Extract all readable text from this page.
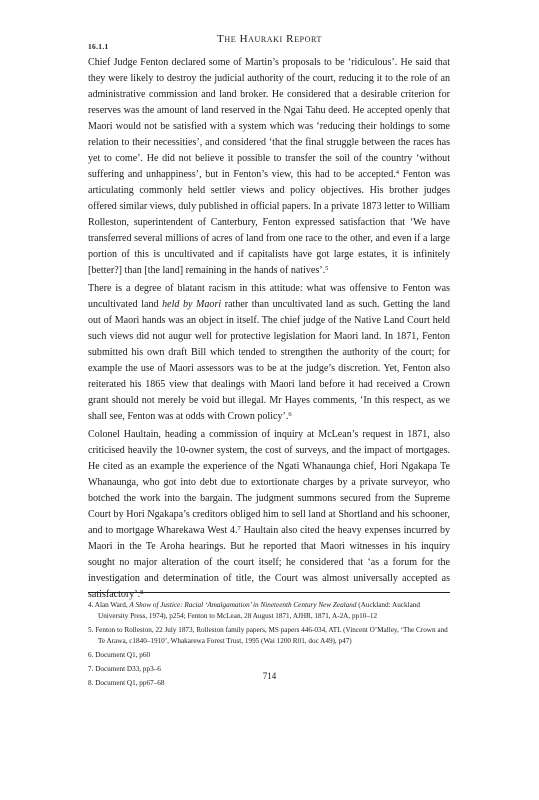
The Hauraki Report
16.1.1

Chief Judge Fenton declared some of Martin’s proposals to be ‘ridiculous’. He said that they were likely to destroy the judicial authority of the court, reducing it to the role of an administrative commission and land broker. He considered that a desirable criterion for reserves was the amount of land reserved in the Ngai Tahu deed. He accepted openly that Maori would not be satisfied with a system which was ‘reducing their holdings to some relation to their necessities’, and considered ‘that the final struggle between the races has yet to come’. He did not believe it possible to transfer the soil of the country ‘without suffering and unhappiness’, but in Fenton’s view, this had to be accepted.$^4$ Fenton was articulating commonly held settler views and policy objectives. His brother judges offered similar views, duly published in official papers. In a private 1873 letter to William Rolleston, superintendent of Canterbury, Fenton expressed satisfaction that ‘We have transferred several millions of acres of land from one race to the other, and even if a large portion of this is uncultivated and if capitalists have got large estates, it is infinitely [better?] than [the land] remaining in the hands of natives’.$^5$

There is a degree of blatant racism in this attitude: what was offensive to Fenton was uncultivated land held by Maori rather than uncultivated land as such. Getting the land out of Maori hands was an object in itself. The chief judge of the Native Land Court held such views did not augur well for protective legislation for Maori land. In 1871, Fenton submitted his own draft Bill which tended to strengthen the authority of the court; for example the use of Maori assessors was to be at the judge’s discretion. Yet, Fenton also reiterated his 1865 view that dealings with Maori land before it had received a Crown grant should not merely be void but illegal. Mr Hayes comments, ‘In this respect, as we shall see, Fenton was at odds with Crown policy’.$^6$

Colonel Haultain, heading a commission of inquiry at McLean’s request in 1871, also criticised heavily the 10-owner system, the cost of surveys, and the impact of mortgages. He cited as an example the experience of the Ngati Whanaunga chief, Hori Ngakapa Te Whanaunga, who got into debt due to extortionate charges by a private surveyor, who botched the work into the bargain. The judgment summons secured from the Supreme Court by Hori Ngakapa’s creditors obliged him to sell land at Shortland and his schooner, and to mortgage Wharekawa West 4.$^7$ Haultain also cited the heavy expenses incurred by Maori in the Te Aroha hearings. But he reported that Maori witnesses in his inquiry sought no major alteration of the court itself; he considered that ‘as a forum for the investigation and determination of title, the Court was almost universally accepted as satisfactory’.$^8$

4. Alan Ward, A Show of Justice: Racial ‘Amalgamation’ in Nineteenth Century New Zealand (Auckland: Auckland University Press, 1974), p254; Fenton to McLean, 28 August 1871, AJHR, 1871, A-2A, pp10–12

5. Fenton to Rolleston, 22 July 1873, Rolleston family papers, MS papers 446-034, ATL (Vincent O’Malley, ‘The Crown and Te Arawa, c1840–1910’, Whakarewa Forest Trust, 1995 (Wai 1200 R01, doc A49), p47)

6. Document Q1, p60

7. Document D33, pp3–6

8. Document Q1, pp67–68

714
